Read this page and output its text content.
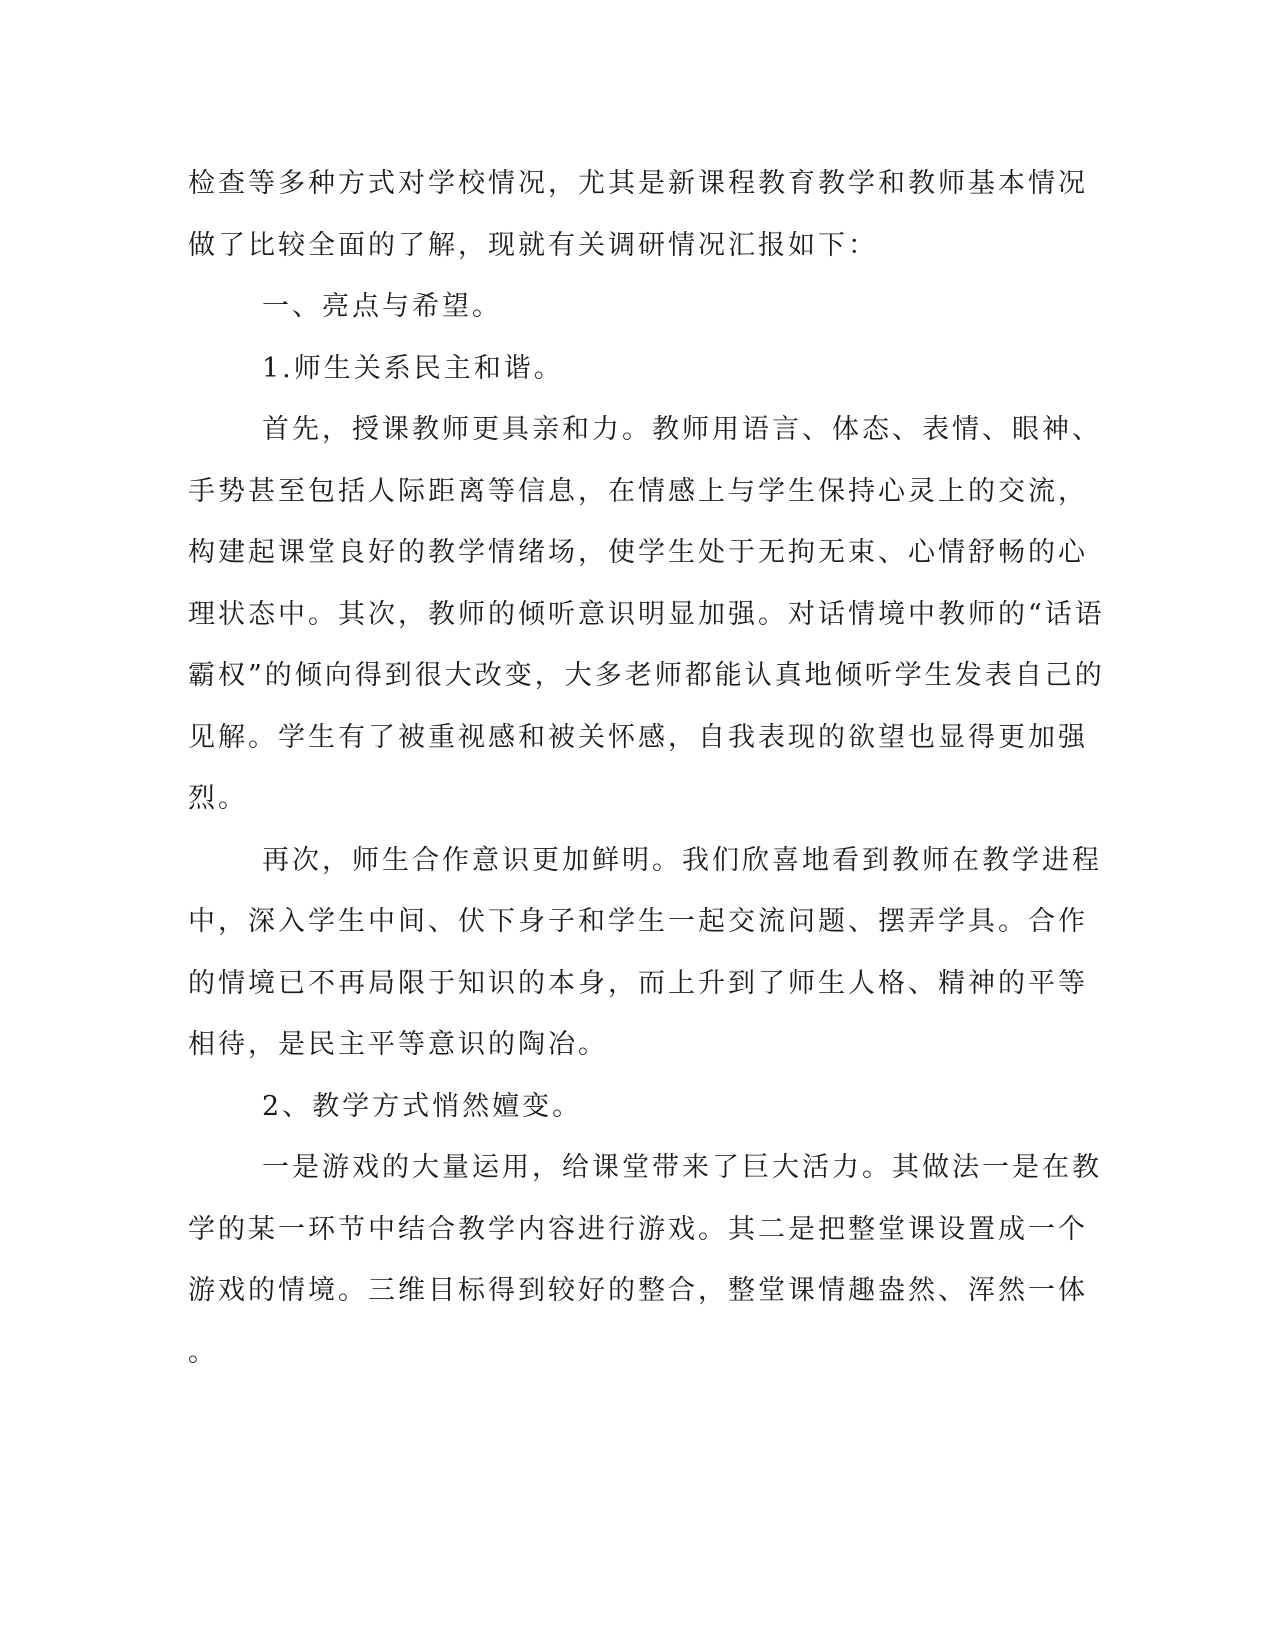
检查等多种方式对学校情况，尤其是新课程教育教学和教师基本情况
做了比较全面的了解，现就有关调研情况汇报如下：
一、亮点与希望。
1.师生关系民主和谐。
首先，授课教师更具亲和力。教师用语言、体态、表情、眼神、
手势甚至包括人际距离等信息，在情感上与学生保持心灵上的交流，
构建起课堂良好的教学情绪场，使学生处于无拘无束、心情舒畅的心
理状态中。其次，教师的倾听意识明显加强。对话情境中教师的“话语
霸权”的倾向得到很大改变，大多老师都能认真地倾听学生发表自己的
见解。学生有了被重视感和被关怀感，自我表现的欲望也显得更加强
烈。
再次，师生合作意识更加鲜明。我们欣喜地看到教师在教学进程
中，深入学生中间、伏下身子和学生一起交流问题、摆弄学具。合作
的情境已不再局限于知识的本身，而上升到了师生人格、精神的平等
相待，是民主平等意识的陶冶。
2、教学方式悄然嬗变。
一是游戏的大量运用，给课堂带来了巨大活力。其做法一是在教
学的某一环节中结合教学内容进行游戏。其二是把整堂课设置成一个
游戏的情境。三维目标得到较好的整合，整堂课情趣盎然、浑然一体
。
